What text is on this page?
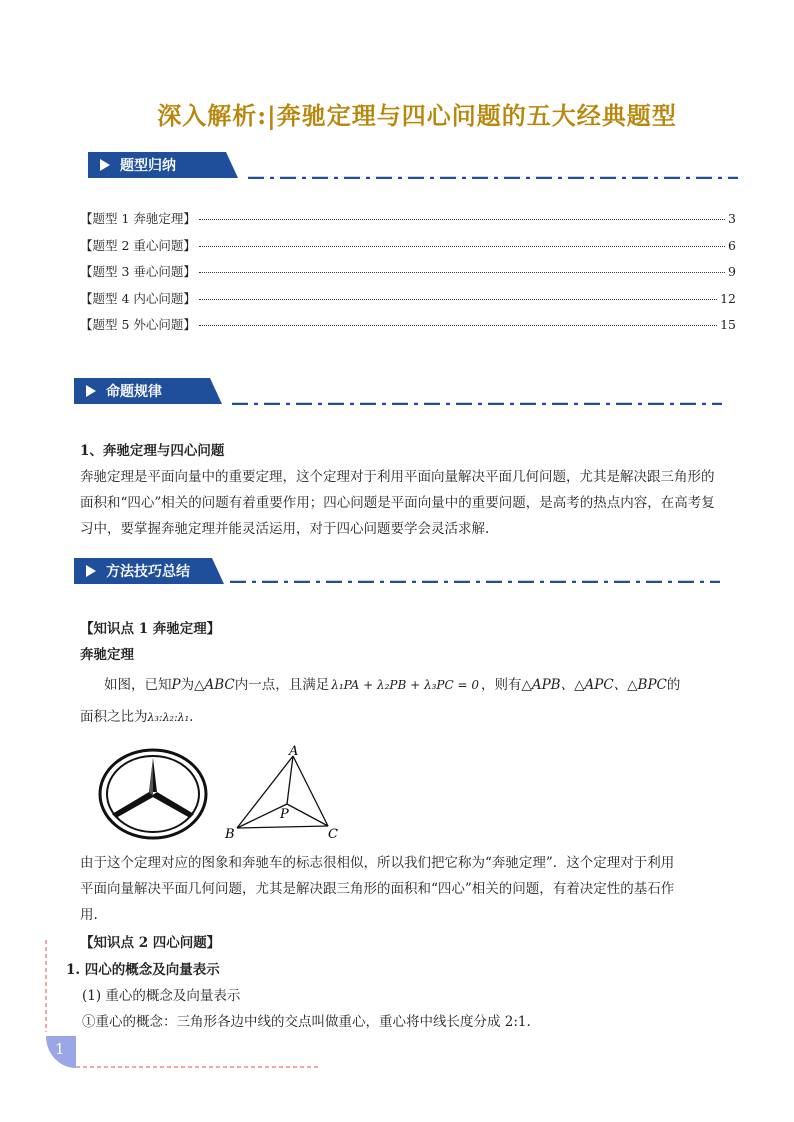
深入解析:|奔驰定理与四心问题的五大经典题型
题型归纳
【题型 1 奔驰定理】	3
【题型 2 重心问题】	6
【题型 3 垂心问题】	9
【题型 4 内心问题】	12
【题型 5 外心问题】	15
命题规律
1、奔驰定理与四心问题
奔驰定理是平面向量中的重要定理，这个定理对于利用平面向量解决平面几何问题，尤其是解决跟三角形的
面积和“四心”相关的问题有着重要作用；四心问题是平面向量中的重要问题，是高考的热点内容，在高考复
习中，要掌握奔驰定理并能灵活运用，对于四心问题要学会灵活求解.
方法技巧总结
【知识点 1 奔驰定理】
奔驰定理
如图，已知P为△ABC内一点，且满足 λ₁PA + λ₂PB + λ₃PC = 0 ，则有△APB、△APC、△BPC的
面积之比为λ₃:λ₂:λ₁.
A
B	C
P
由于这个定理对应的图象和奔驰车的标志很相似，所以我们把它称为“奔驰定理”．这个定理对于利用
平面向量解决平面几何问题，尤其是解决跟三角形的面积和“四心”相关的问题，有着决定性的基石作
用.
【知识点 2 四心问题】
1. 四心的概念及向量表示
(1) 重心的概念及向量表示
①重心的概念：三角形各边中线的交点叫做重心，重心将中线长度分成 2:1.
1
